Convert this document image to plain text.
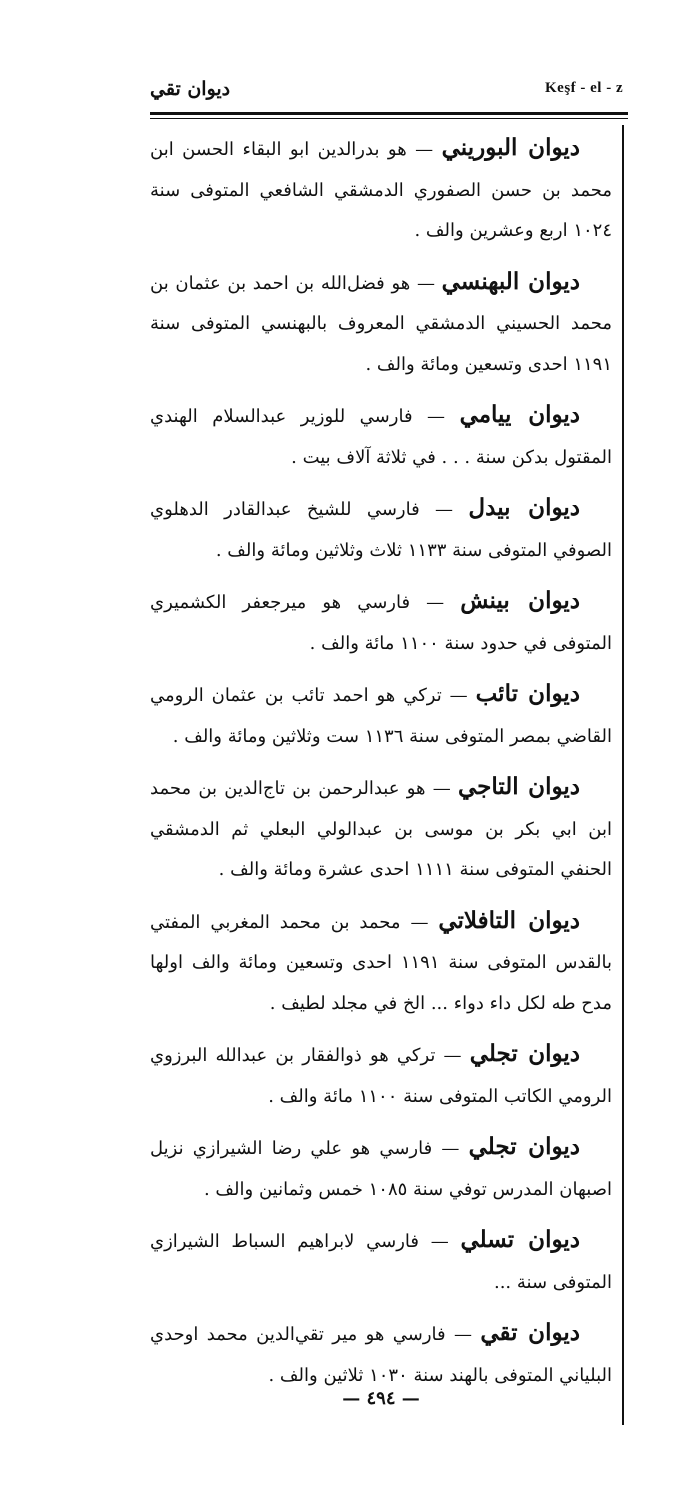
ديوان تقي	Keşf - el - z

ديوان البوريني — هو بدرالدين ابو البقاء الحسن ابن محمد بن حسن الصفوري الدمشقي الشافعي المتوفى سنة ١٠٢٤ اربع وعشرين والف .

ديوان البهنسي — هو فضل‌الله بن احمد بن عثمان بن محمد الحسيني الدمشقي المعروف بالبهنسي المتوفى سنة ١١٩١ احدى وتسعين ومائة والف .

ديوان ييامي — فارسي للوزير عبدالسلام الهندي المقتول بدكن سنة . . . في ثلاثة آلاف بيت .

ديوان بيدل — فارسي للشيخ عبدالقادر الدهلوي الصوفي المتوفى سنة ١١٣٣ ثلاث وثلاثين ومائة والف .

ديوان بينش — فارسي هو ميرجعفر الكشميري المتوفى في حدود سنة ١١٠٠ مائة والف .

ديوان تائب — تركي هو احمد تائب بن عثمان الرومي القاضي بمصر المتوفى سنة ١١٣٦ ست وثلاثين ومائة والف .

ديوان التاجي — هو عبدالرحمن بن تاج‌الدين بن محمد ابن ابي بكر بن موسى بن عبدالولي البعلي ثم الدمشقي الحنفي المتوفى سنة ١١١١ احدى عشرة ومائة والف .

ديوان التافلاتي — محمد بن محمد المغربي المفتي بالقدس المتوفى سنة ١١٩١ احدى وتسعين ومائة والف اولها مدح طه لكل داء دواء ... الخ في مجلد لطيف .

ديوان تجلي — تركي هو ذوالفقار بن عبدالله البرزوي الرومي الكاتب المتوفى سنة ١١٠٠ مائة والف .

ديوان تجلي — فارسي هو علي رضا الشيرازي نزيل اصبهان المدرس توفي سنة ١٠٨٥ خمس وثمانين والف .

ديوان تسلي — فارسي لابراهيم السباط الشيرازي المتوفى سنة ...

ديوان تقي — فارسي هو مير تقي‌الدين محمد اوحدي البلياني المتوفى بالهند سنة ١٠٣٠ ثلاثين والف .

— ٤٩٤ —
